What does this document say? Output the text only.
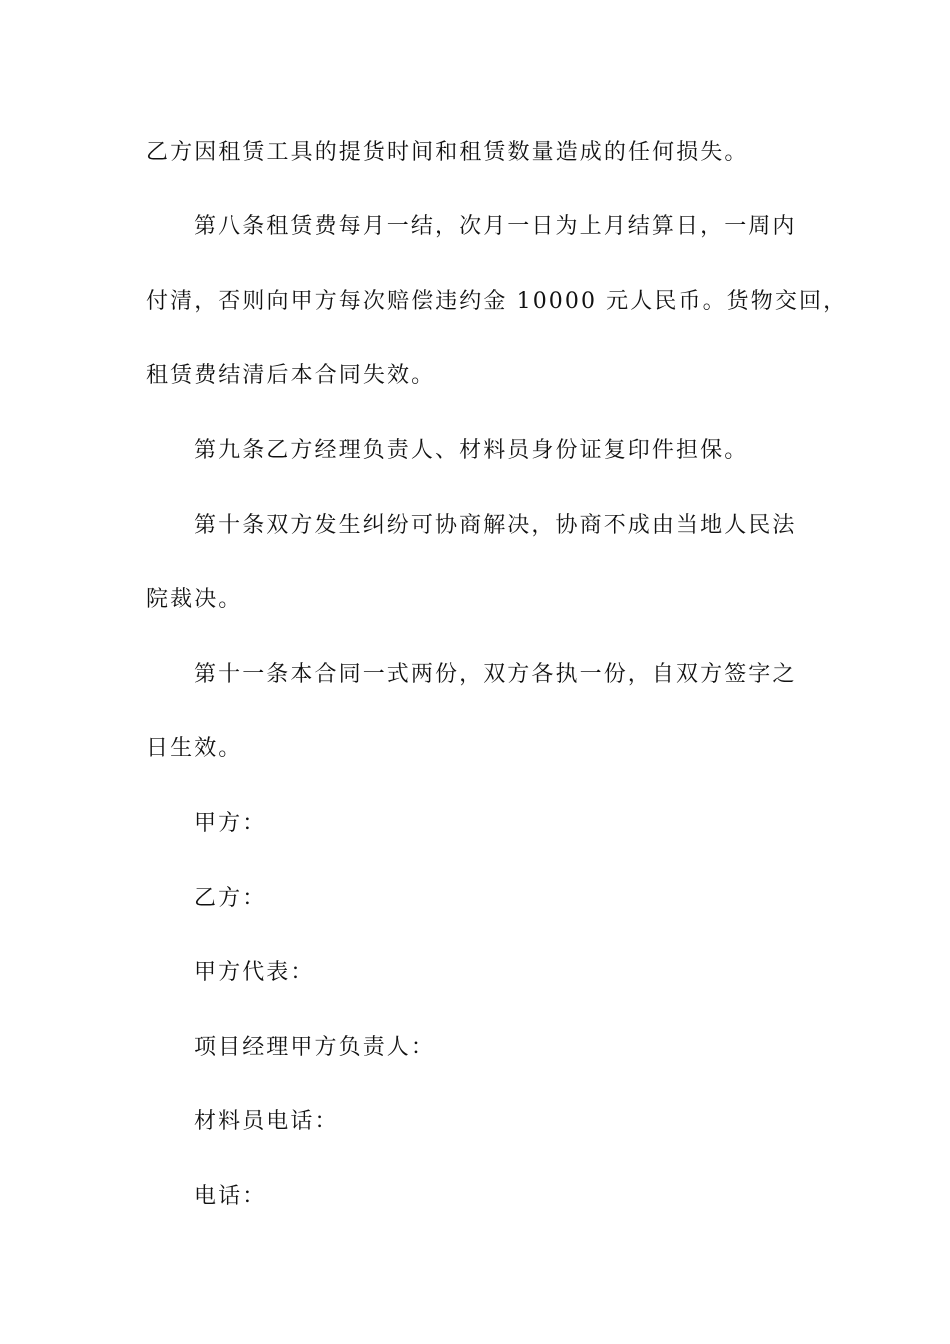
乙方因租赁工具的提货时间和租赁数量造成的任何损失。
第八条租赁费每月一结，次月一日为上月结算日，一周内
付清，否则向甲方每次赔偿违约金 10000 元人民币。货物交回，
租赁费结清后本合同失效。
第九条乙方经理负责人、材料员身份证复印件担保。
第十条双方发生纠纷可协商解决，协商不成由当地人民法
院裁决。
第十一条本合同一式两份，双方各执一份，自双方签字之
日生效。
甲方：
乙方：
甲方代表：
项目经理甲方负责人：
材料员电话：
电话：
